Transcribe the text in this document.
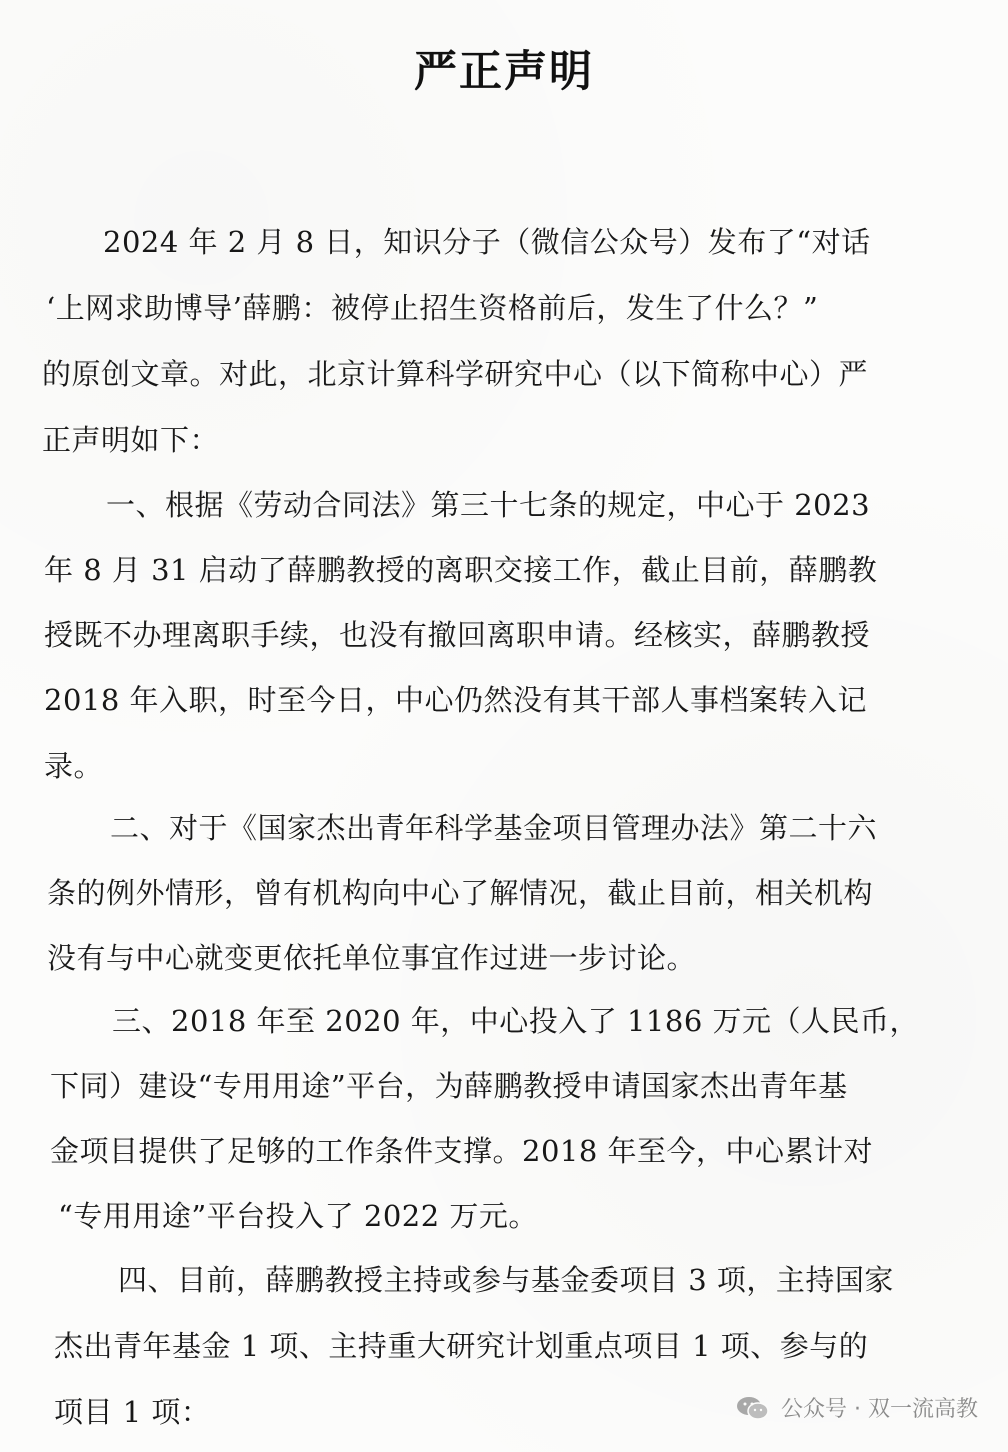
严正声明
2024 年 2 月 8 日，知识分子（微信公众号）发布了“对话
‘上网求助博导’薛鹏：被停止招生资格前后，发生了什么？”
的原创文章。对此，北京计算科学研究中心（以下简称中心）严
正声明如下：
一、根据《劳动合同法》第三十七条的规定，中心于 2023
年 8 月 31 启动了薛鹏教授的离职交接工作，截止目前，薛鹏教
授既不办理离职手续，也没有撤回离职申请。经核实，薛鹏教授
2018 年入职，时至今日，中心仍然没有其干部人事档案转入记
录。
二、对于《国家杰出青年科学基金项目管理办法》第二十六
条的例外情形，曾有机构向中心了解情况，截止目前，相关机构
没有与中心就变更依托单位事宜作过进一步讨论。
三、2018 年至 2020 年，中心投入了 1186 万元（人民币，
下同）建设“专用用途”平台，为薛鹏教授申请国家杰出青年基
金项目提供了足够的工作条件支撑。2018 年至今，中心累计对
“专用用途”平台投入了 2022 万元。
四、目前，薛鹏教授主持或参与基金委项目 3 项，主持国家
杰出青年基金 1 项、主持重大研究计划重点项目 1 项、参与的
项目 1 项：	公众号 · 双一流高教
